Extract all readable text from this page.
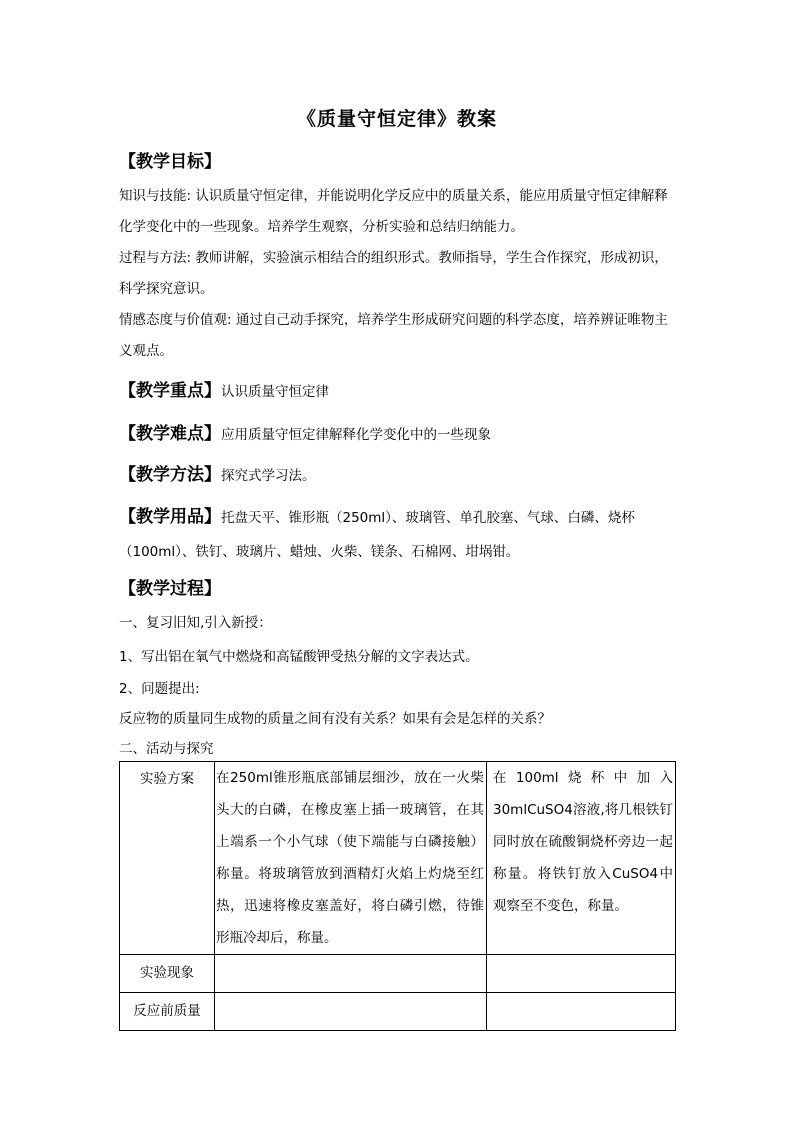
《质量守恒定律》教案
【教学目标】
知识与技能: 认识质量守恒定律，并能说明化学反应中的质量关系，能应用质量守恒定律解释化学变化中的一些现象。培养学生观察，分析实验和总结归纳能力。
过程与方法: 教师讲解，实验演示相结合的组织形式。教师指导，学生合作探究，形成初识，科学探究意识。
情感态度与价值观: 通过自己动手探究，培养学生形成研究问题的科学态度，培养辨证唯物主义观点。
【教学重点】认识质量守恒定律
【教学难点】应用质量守恒定律解释化学变化中的一些现象
【教学方法】探究式学习法。
【教学用品】托盘天平、锥形瓶（250ml）、玻璃管、单孔胶塞、气球、白磷、烧杯（100ml）、铁钉、玻璃片、蜡烛、火柴、镁条、石棉网、坩埚钳。
【教学过程】
一、复习旧知,引入新授：
1、写出铝在氧气中燃烧和高锰酸钾受热分解的文字表达式。
2、问题提出:
反应物的质量同生成物的质量之间有没有关系？如果有会是怎样的关系？
二、活动与探究
实验方案	在250ml锥形瓶底部铺层细沙，放在一火柴头大的白磷，在橡皮塞上插一玻璃管，在其上端系一个小气球（使下端能与白磷接触）称量。将玻璃管放到酒精灯火焰上灼烧至红热，迅速将橡皮塞盖好，将白磷引燃，待锥形瓶冷却后，称量。	在100ml烧杯中加入30mlCuSO4溶液,将几根铁钉同时放在硫酸铜烧杯旁边一起称量。将铁钉放入CuSO4中观察至不变色，称量。
实验现象		
反应前质量		
